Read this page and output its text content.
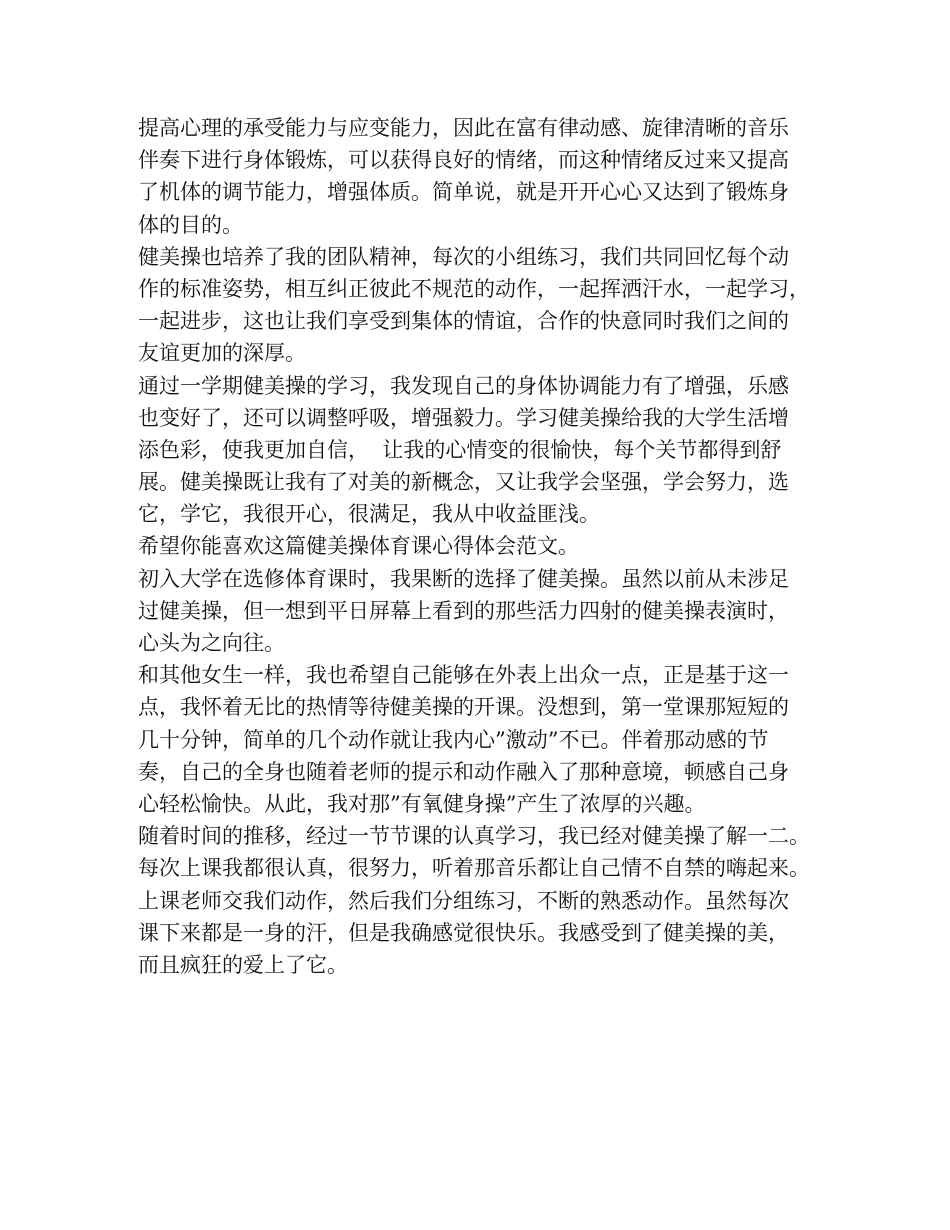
提高心理的承受能力与应变能力，因此在富有律动感、旋律清晰的音乐
伴奏下进行身体锻炼，可以获得良好的情绪，而这种情绪反过来又提高
了机体的调节能力，增强体质。简单说，就是开开心心又达到了锻炼身
体的目的。
健美操也培养了我的团队精神，每次的小组练习，我们共同回忆每个动
作的标准姿势，相互纠正彼此不规范的动作，一起挥洒汗水，一起学习，
一起进步，这也让我们享受到集体的情谊，合作的快意同时我们之间的
友谊更加的深厚。
通过一学期健美操的学习，我发现自己的身体协调能力有了增强，乐感
也变好了，还可以调整呼吸，增强毅力。学习健美操给我的大学生活增
添色彩，使我更加自信，  让我的心情变的很愉快，每个关节都得到舒
展。健美操既让我有了对美的新概念，又让我学会坚强，学会努力，选
它，学它，我很开心，很满足，我从中收益匪浅。
希望你能喜欢这篇健美操体育课心得体会范文。
初入大学在选修体育课时，我果断的选择了健美操。虽然以前从未涉足
过健美操，但一想到平日屏幕上看到的那些活力四射的健美操表演时，
心头为之向往。
和其他女生一样，我也希望自己能够在外表上出众一点，正是基于这一
点，我怀着无比的热情等待健美操的开课。没想到，第一堂课那短短的
几十分钟，简单的几个动作就让我内心”激动”不已。伴着那动感的节
奏，自己的全身也随着老师的提示和动作融入了那种意境，顿感自己身
心轻松愉快。从此，我对那”有氧健身操”产生了浓厚的兴趣。
随着时间的推移，经过一节节课的认真学习，我已经对健美操了解一二。
每次上课我都很认真，很努力，听着那音乐都让自己情不自禁的嗨起来。
上课老师交我们动作，然后我们分组练习，不断的熟悉动作。虽然每次
课下来都是一身的汗，但是我确感觉很快乐。我感受到了健美操的美，
而且疯狂的爱上了它。
